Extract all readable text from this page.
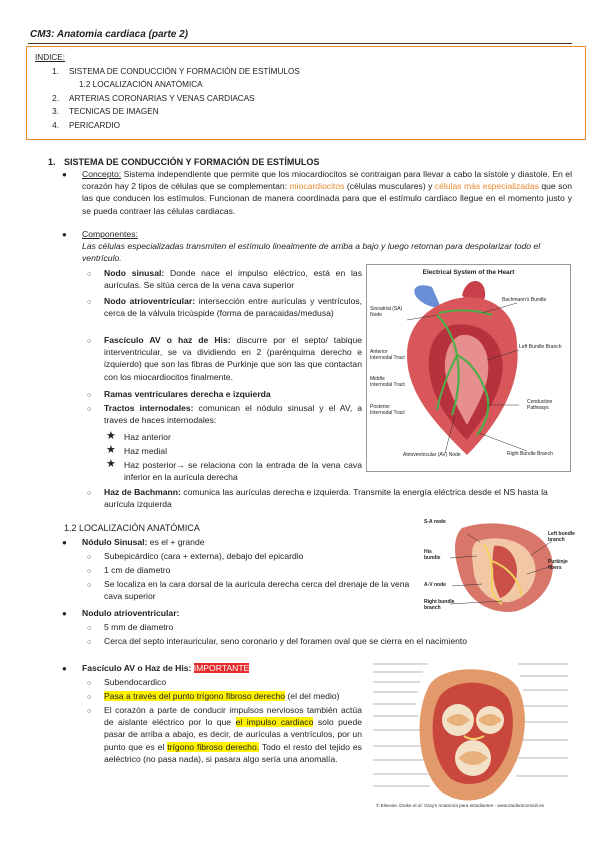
CM3: Anatomia cardiaca (parte 2)
INDICE:
1.	SISTEMA DE CONDUCCIÓN Y FORMACIÓN DE ESTÍMULOS
1.2 LOCALIZACIÓN ANATÓMICA
2.	ARTERIAS CORONARIAS Y VENAS CARDIACAS
3.	TECNICAS DE IMAGEN
4.	PERICARDIO
1. SISTEMA DE CONDUCCIÓN Y FORMACIÓN DE ESTÍMULOS
● Concepto: Sistema independiente que permite que los miocardiocitos se contraigan para llevar a cabo la sístole y diastole. En el corazón hay 2 tipos de células que se complementan: miocardiocitos (células musculares) y células más especializadas que son las que conducen los estímulos. Funcionan de manera coordinada para que el estímulo cardiaco llegue en el momento justo y se pueda contraer las células cardiacas.
● Componentes:
Las células especializadas transmiten el estímulo linealmente de arriba a bajo y luego retornan para despolarizar todo el ventrículo.
○ Nodo sinusal: Donde nace el impulso eléctrico, está en las aurículas. Se sitúa cerca de la vena cava superior
○ Nodo atrioventricular: intersección entre aurículas y ventrículos, cerca de la válvula tricúspide (forma de paracaidas/medusa)
○ Fascículo AV o haz de His: discurre por el septo/ tabique interventricular, se va dividiendo en 2 (parénquima derecho e izquierdo) que son las fibras de Purkinje que son las que contactan con los miocardiocitos finalmente.
○ Ramas ventriculares derecha e izquierda
○ Tractos internodales: comunican el nódulo sinusal y el AV, a traves de haces internodales:
★ Haz anterior
★ Haz medial
★ Haz posterior→ se relaciona con la entrada de la vena cava inferior en la aurícula derecha
○ Haz de Bachmann: comunica las aurículas derecha e izquierda. Transmite la energía eléctrica desde el NS hasta la aurícula izquierda
Electrical System of the Heart
Sinoatrial (SA) Node
Bachmann's Bundle
Anterior Internodal Tract
Middle Internodal Tract
Posterior Internodal Tract
Left Bundle Branch
Conduction Pathways
Atrioventricular (AV) Node	Right Bundle Branch
1.2 LOCALIZACIÓN ANATÓMICA
● Nódulo Sinusal: es el + grande
○ Subepicárdico (cara + externa), debajo del epicardio
○ 1 cm de diametro
○ Se localiza en la cara dorsal de la aurícula derecha cerca del drenaje de la vena cava superior
● Nodulo atrioventricular:
○ 5 mm de diametro
○ Cerca del septo interauricular, seno coronario y del foramen oval que se cierra en el nacimiento
S-A node
His bundle
A-V node
Left bundle branch
Purkinje fibers
Right bundle branch
● Fascículo AV o Haz de His: IMPORTANTE
○ Subendocardico
○ Pasa a través del punto trígono fibroso derecho (el del medio)
○ El corazón a parte de conducir impulsos nerviosos también actúa de aislante eléctrico por lo que el impulso cardiaco solo puede pasar de arriba a abajo, es decir, de aurículas a ventrículos, por un punto que es el trígono fibroso derecho. Todo el resto del tejido es aeléctrico (no pasa nada), si pasara algo sería una anomalía.
© Elsevier. Drake et al: Gray's Anatomía para estudiantes - www.studentconsult.es
